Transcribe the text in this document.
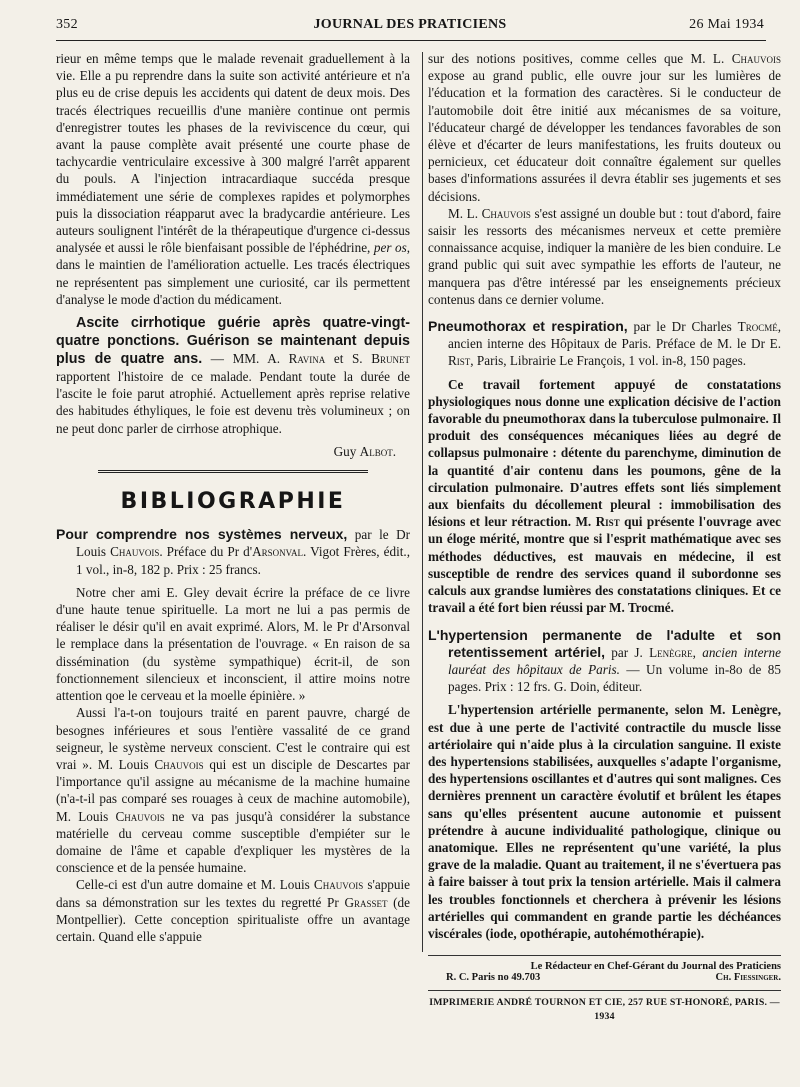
352	JOURNAL DES PRATICIENS	26 Mai 1934

rieur en même temps que le malade revenait graduellement à la vie. Elle a pu reprendre dans la suite son activité antérieure et n'a plus eu de crise depuis les accidents qui datent de deux mois. Des tracés électriques recueillis d'une manière continue ont permis d'enregistrer toutes les phases de la reviviscence du cœur, qui avant la pause complète avait présenté une courte phase de tachycardie ventriculaire excessive à 300 malgré l'arrêt apparent du pouls. A l'injection intracardiaque succéda presque immédiatement une série de complexes rapides et polymorphes puis la dissociation réapparut avec la bradycardie antérieure. Les auteurs soulignent l'intérêt de la thérapeutique d'urgence ci-dessus analysée et aussi le rôle bienfaisant possible de l'éphédrine, per os, dans le maintien de l'amélioration actuelle. Les tracés électriques ne représentent pas simplement une curiosité, car ils permettent d'analyse le mode d'action du médicament.

Ascite cirrhotique guérie après quatre-vingt-quatre ponctions. Guérison se maintenant depuis plus de quatre ans. — MM. A. Ravina et S. Brunet rapportent l'histoire de ce malade. Pendant toute la durée de l'ascite le foie parut atrophié. Actuellement après reprise relative des habitudes éthyliques, le foie est devenu très volumineux ; on ne peut donc parler de cirrhose atrophique.

Guy Albot.

BIBLIOGRAPHIE

Pour comprendre nos systèmes nerveux, par le Dr Louis Chauvois. Préface du Pr d'Arsonval. Vigot Frères, édit., 1 vol., in-8, 182 p. Prix : 25 francs.

Notre cher ami E. Gley devait écrire la préface de ce livre d'une haute tenue spirituelle. La mort ne lui a pas permis de réaliser le désir qu'il en avait exprimé. Alors, M. le Pr d'Arsonval le remplace dans la présentation de l'ouvrage. « En raison de sa dissémination (du système sympathique) écrit-il, de son fonctionnement silencieux et inconscient, il attire moins notre attention qoe le cerveau et la moelle épinière. »

Aussi l'a-t-on toujours traité en parent pauvre, chargé de besognes inférieures et sous l'entière vassalité de ce grand seigneur, le système nerveux conscient. C'est le contraire qui est vrai ». M. Louis Chauvois qui est un disciple de Descartes par l'importance qu'il assigne au mécanisme de la machine humaine (n'a-t-il pas comparé ses rouages à ceux de machine automobile), M. Louis Chauvois ne va pas jusqu'à considérer la substance matérielle du cerveau comme susceptible d'empiéter sur le domaine de l'âme et capable d'expliquer les mystères de la conscience et de la pensée humaine.

Celle-ci est d'un autre domaine et M. Louis Chauvois s'appuie dans sa démonstration sur les textes du regretté Pr Grasset (de Montpellier). Cette conception spiritualiste offre un avantage certain. Quand elle s'appuie

sur des notions positives, comme celles que M. L. Chauvois expose au grand public, elle ouvre jour sur les lumières de l'éducation et la formation des caractères. Si le conducteur de l'automobile doit être initié aux mécanismes de sa voiture, l'éducateur chargé de développer les tendances favorables de son élève et d'écarter de leurs manifestations, les fruits douteux ou pernicieux, cet éducateur doit connaître également sur quelles bases d'informations assurées il devra établir ses jugements et ses décisions.

M. L. Chauvois s'est assigné un double but : tout d'abord, faire saisir les ressorts des mécanismes nerveux et cette première connaissance acquise, indiquer la manière de les bien conduire. Le grand public qui suit avec sympathie les efforts de l'auteur, ne manquera pas d'être intéressé par les enseignements précieux contenus dans ce dernier volume.

Pneumothorax et respiration, par le Dr Charles Trocmé, ancien interne des Hôpitaux de Paris. Préface de M. le Dr E. Rist, Paris, Librairie Le François, 1 vol. in-8, 150 pages.

Ce travail fortement appuyé de constatations physiologiques nous donne une explication décisive de l'action favorable du pneumothorax dans la tuberculose pulmonaire. Il produit des conséquences mécaniques liées au degré de collapsus pulmonaire : détente du parenchyme, diminution de la quantité d'air contenu dans les poumons, gêne de la circulation pulmonaire. D'autres effets sont liés simplement aux bienfaits du décollement pleural : immobilisation des lésions et leur rétraction. M. Rist qui présente l'ouvrage avec un éloge mérité, montre que si l'esprit mathématique avec ses méthodes déductives, est mauvais en médecine, il est susceptible de rendre des services quand il subordonne ses calculs aux grandse lumières des constatations cliniques. Et ce travail a été fort bien réussi par M. Trocmé.

L'hypertension permanente de l'adulte et son retentissement artériel, par J. Lenègre, ancien interne lauréat des hôpitaux de Paris. — Un volume in-8o de 85 pages. Prix : 12 frs. G. Doin, éditeur.

L'hypertension artérielle permanente, selon M. Lenègre, est due à une perte de l'activité contractile du muscle lisse artériolaire qui n'aide plus à la circulation sanguine. Il existe des hypertensions stabilisées, auxquelles s'adapte l'organisme, des hypertensions oscillantes et d'autres qui sont malignes. Ces dernières prennent un caractère évolutif et brûlent les étapes sans qu'elles présentent aucune autonomie et puissent prétendre à aucune individualité pathologique, clinique ou anatomique. Elles ne représentent qu'une variété, la plus grave de la maladie. Quant au traitement, il ne s'évertuera pas à faire baisser à tout prix la tension artérielle. Mais il calmera les troubles fonctionnels et cherchera à prévenir les lésions artérielles qui commandent en grande partie les déchéances viscérales (iode, opothérapie, autohémothérapie).

Le Rédacteur en Chef-Gérant du Journal des Praticiens
R. C. Paris no 49.703	Ch. Fiessinger.
IMPRIMERIE ANDRÉ TOURNON ET CIE, 257 RUE ST-HONORÉ, PARIS. — 1934
